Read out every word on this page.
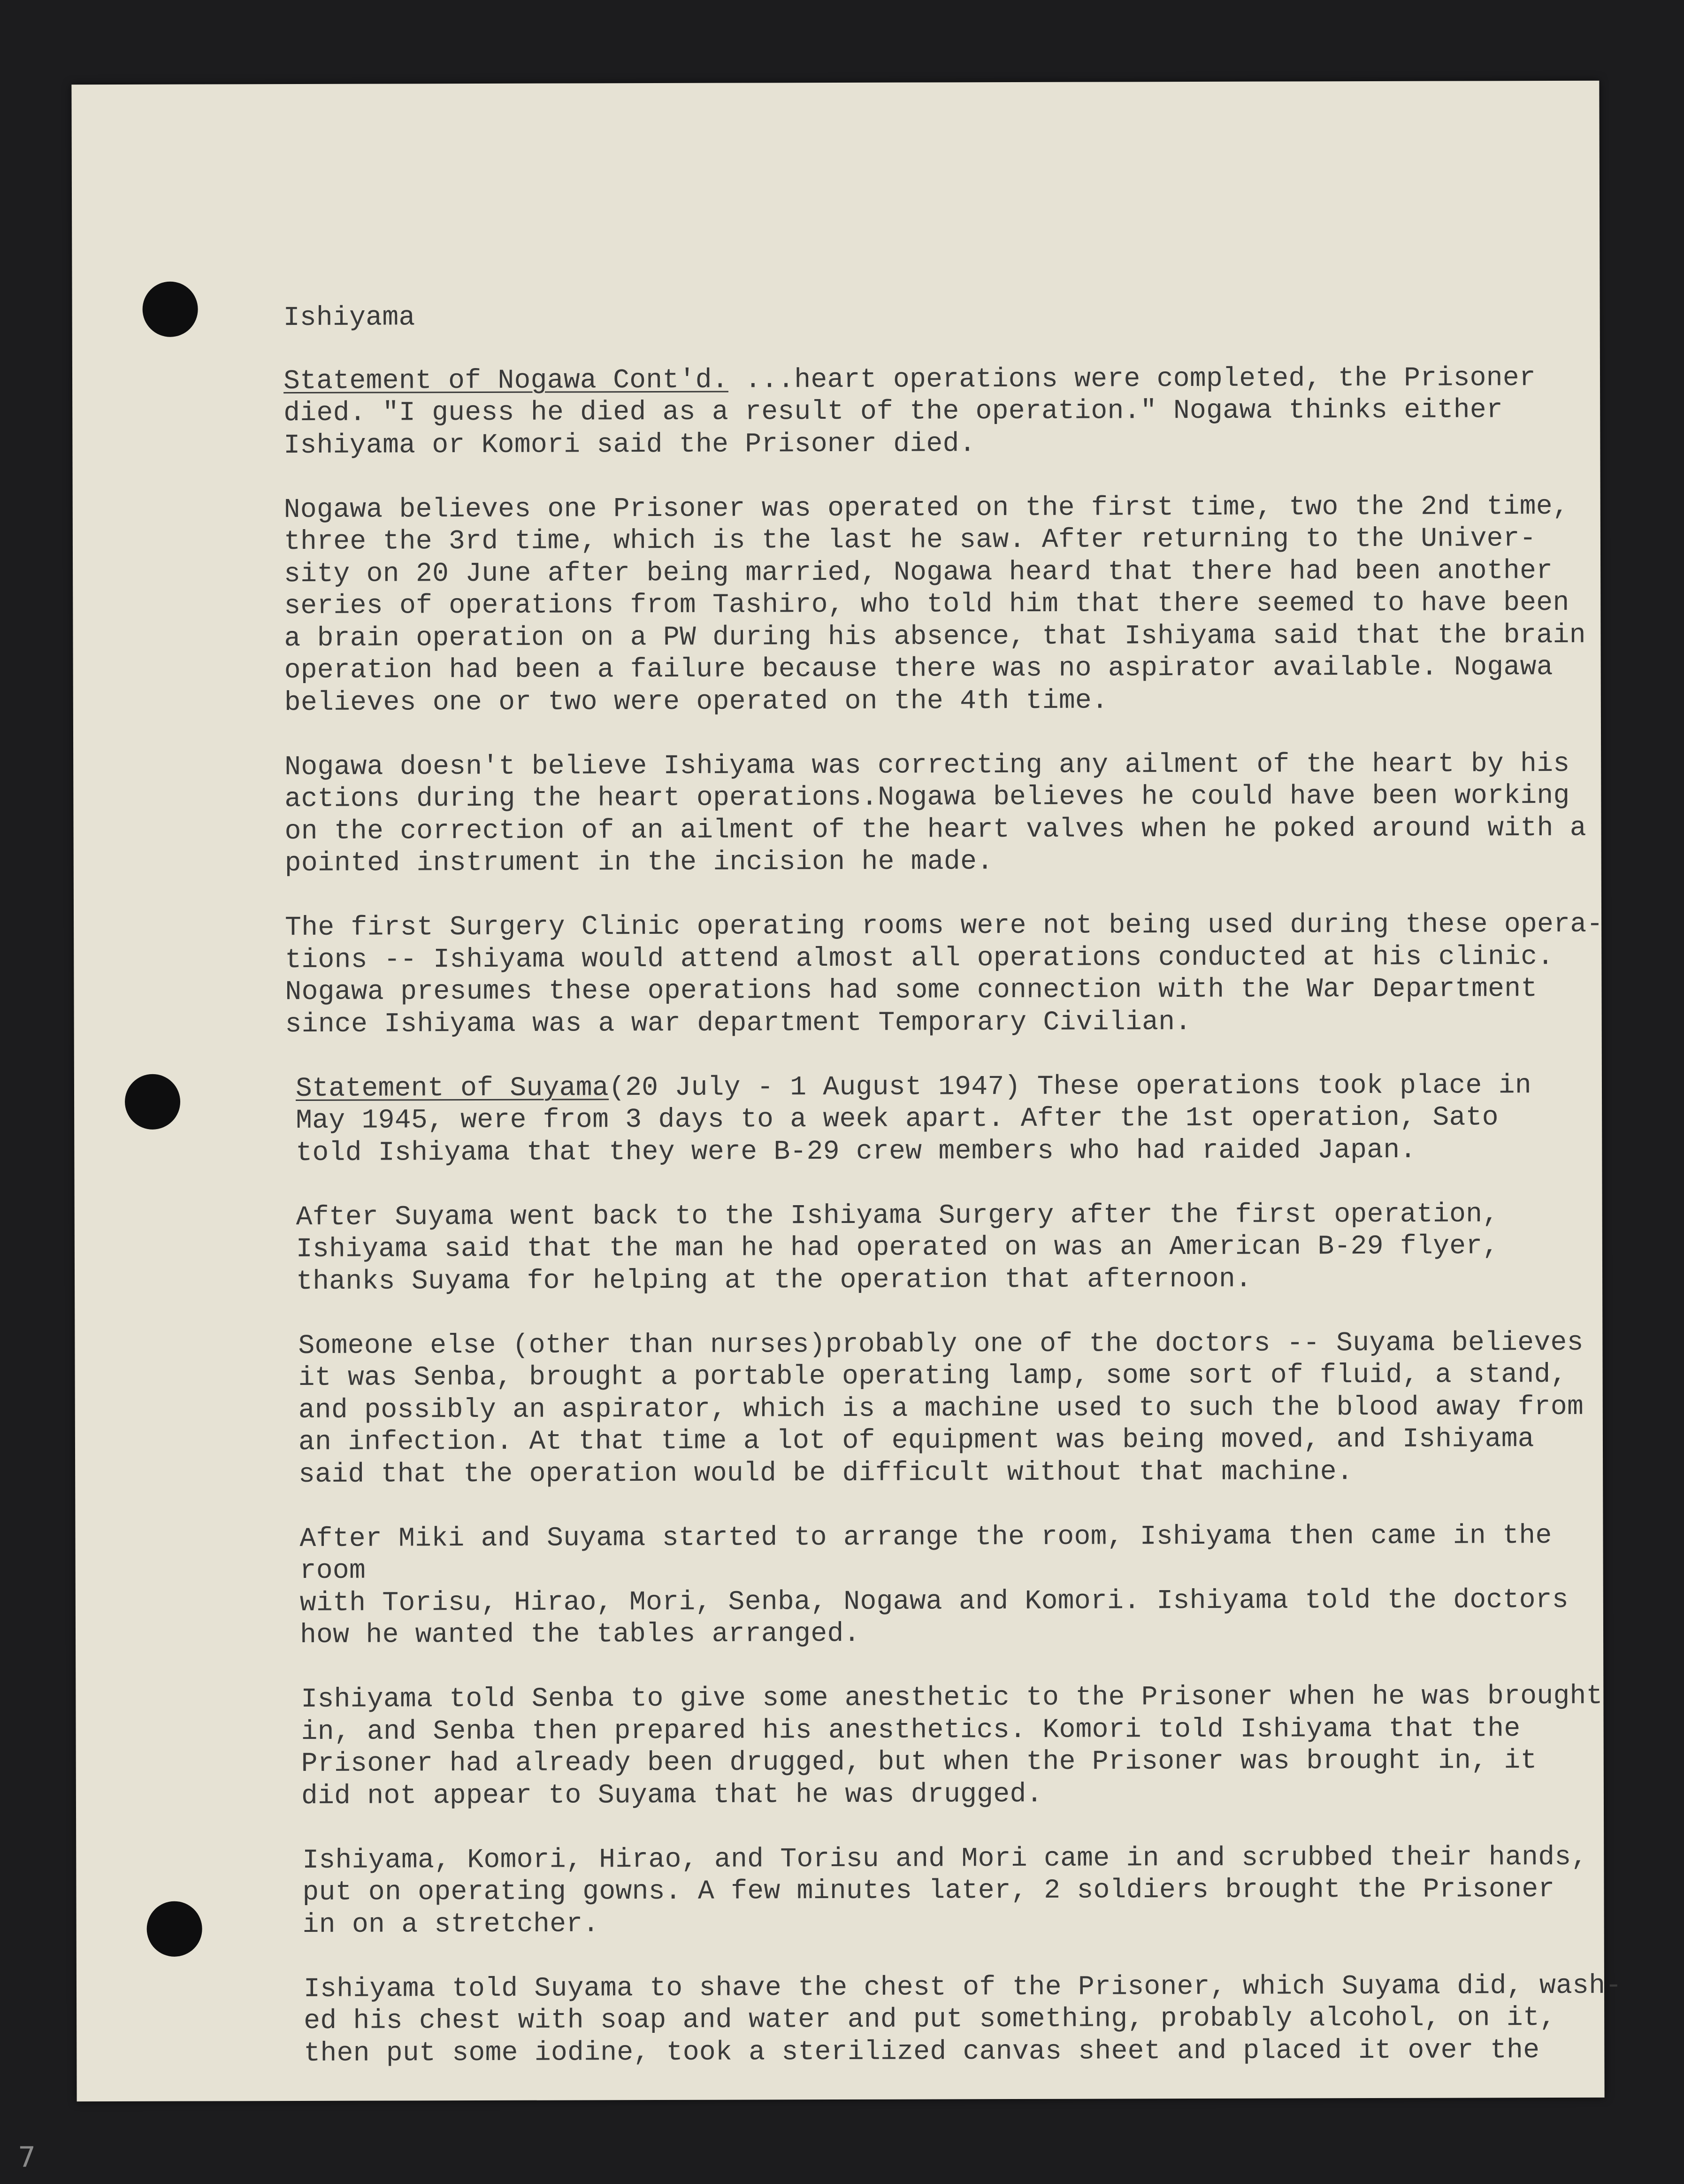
Ishiyama

Statement of Nogawa Cont'd. ...heart operations were completed, the Prisoner
died. "I guess he died as a result of the operation." Nogawa thinks either
Ishiyama or Komori said the Prisoner died.

Nogawa believes one Prisoner was operated on the first time, two the 2nd time,
three the 3rd time, which is the last he saw. After returning to the Univer-
sity on 20 June after being married, Nogawa heard that there had been another
series of operations from Tashiro, who told him that there seemed to have been
a brain operation on a PW during his absence, that Ishiyama said that the brain
operation had been a failure because there was no aspirator available. Nogawa
believes one or two were operated on the 4th time.

Nogawa doesn't believe Ishiyama was correcting any ailment of the heart by his
actions during the heart operations.Nogawa believes he could have been working
on the correction of an ailment of the heart valves when he poked around with a
pointed instrument in the incision he made.

The first Surgery Clinic operating rooms were not being used during these opera-
tions -- Ishiyama would attend almost all operations conducted at his clinic.
Nogawa presumes these operations had some connection with the War Department
since Ishiyama was a war department Temporary Civilian.

Statement of Suyama(20 July - 1 August 1947) These operations took place in
May 1945, were from 3 days to a week apart. After the 1st operation, Sato
told Ishiyama that they were B-29 crew members who had raided Japan.

After Suyama went back to the Ishiyama Surgery after the first operation,
Ishiyama said that the man he had operated on was an American B-29 flyer,
thanks Suyama for helping at the operation that afternoon.

Someone else (other than nurses)probably one of the doctors -- Suyama believes
it was Senba, brought a portable operating lamp, some sort of fluid, a stand,
and possibly an aspirator, which is a machine used to such the blood away from
an infection. At that time a lot of equipment was being moved, and Ishiyama
said that the operation would be difficult without that machine.

After Miki and Suyama started to arrange the room, Ishiyama then came in the room
with Torisu, Hirao, Mori, Senba, Nogawa and Komori. Ishiyama told the doctors
how he wanted the tables arranged.

Ishiyama told Senba to give some anesthetic to the Prisoner when he was brought
in, and Senba then prepared his anesthetics. Komori told Ishiyama that the
Prisoner had already been drugged, but when the Prisoner was brought in, it
did not appear to Suyama that he was drugged.

Ishiyama, Komori, Hirao, and Torisu and Mori came in and scrubbed their hands,
put on operating gowns. A few minutes later, 2 soldiers brought the Prisoner
in on a stretcher.

Ishiyama told Suyama to shave the chest of the Prisoner, which Suyama did, wash-
ed his chest with soap and water and put something, probably alcohol, on it,
then put some iodine, took a sterilized canvas sheet and placed it over the

7
